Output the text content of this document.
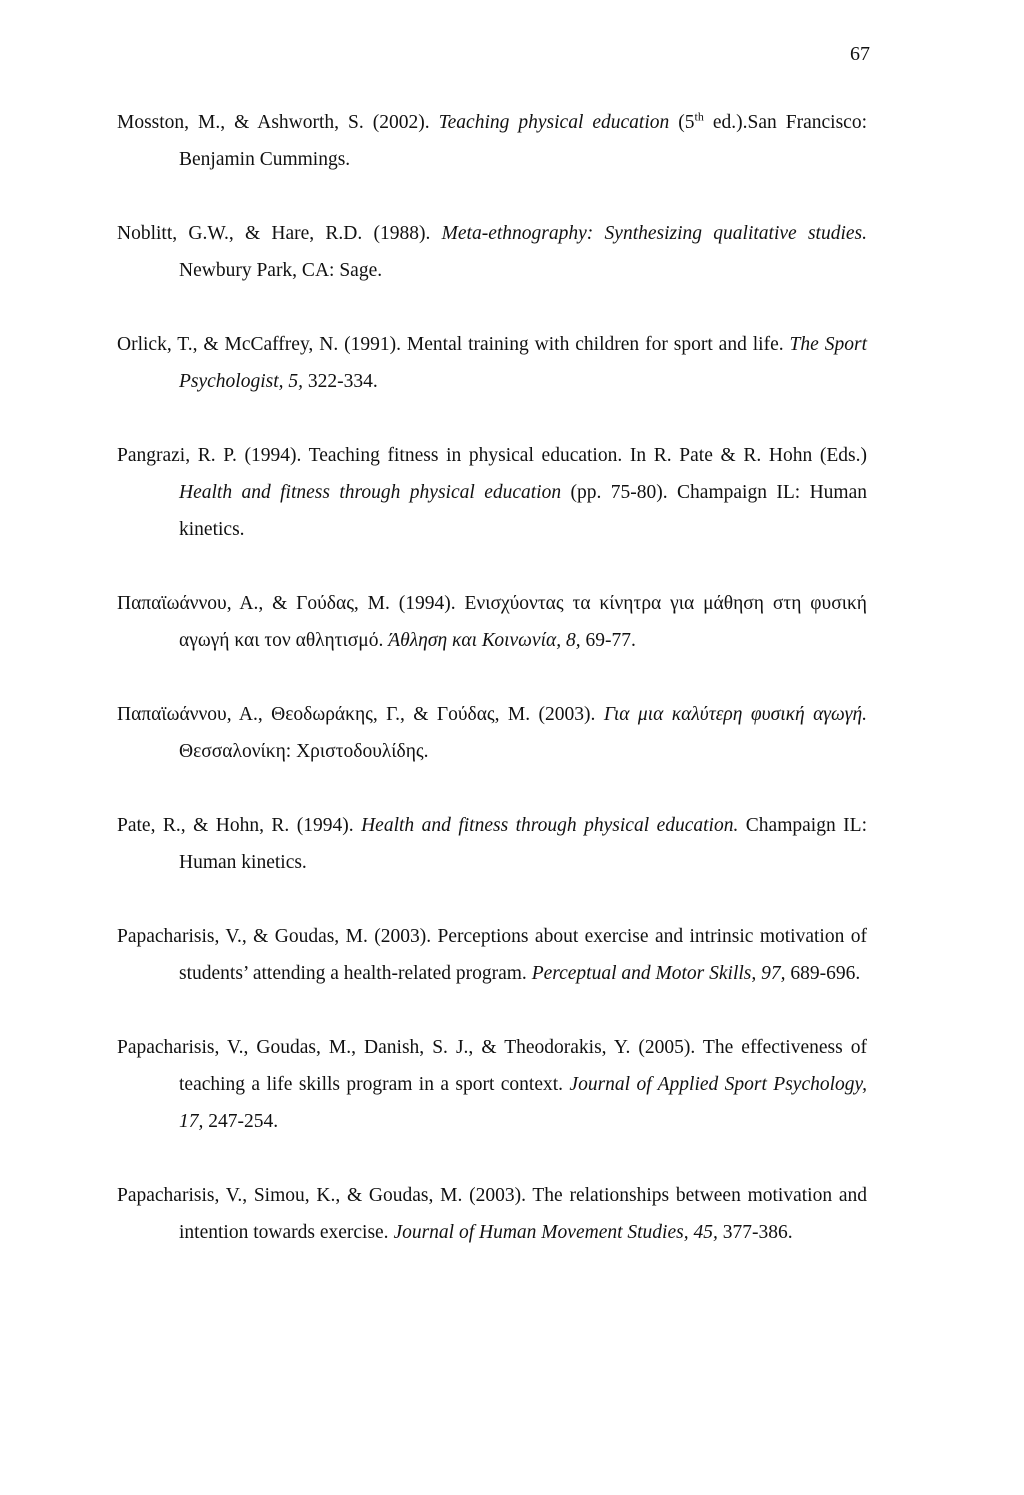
67

Mosston, M., & Ashworth, S. (2002). Teaching physical education (5th ed.).San Francisco: Benjamin Cummings.

Noblitt, G.W., & Hare, R.D. (1988). Meta-ethnography: Synthesizing qualitative studies. Newbury Park, CA: Sage.

Orlick, T., & McCaffrey, N. (1991). Mental training with children for sport and life. The Sport Psychologist, 5, 322-334.

Pangrazi, R. P. (1994). Teaching fitness in physical education. In R. Pate & R. Hohn (Eds.) Health and fitness through physical education (pp. 75-80). Champaign IL: Human kinetics.

Παπαϊωάννου, Α., & Γούδας, Μ. (1994). Ενισχύοντας τα κίνητρα για μάθηση στη φυσική αγωγή και τον αθλητισμό. Άθληση και Κοινωνία, 8, 69-77.

Παπαϊωάννου, Α., Θεοδωράκης, Γ., & Γούδας, Μ. (2003). Για μια καλύτερη φυσική αγωγή. Θεσσαλονίκη: Χριστοδουλίδης.

Pate, R., & Hohn, R. (1994). Health and fitness through physical education. Champaign IL: Human kinetics.

Papacharisis, V., & Goudas, M. (2003). Perceptions about exercise and intrinsic motivation of students’ attending a health-related program. Perceptual and Motor Skills, 97, 689-696.

Papacharisis, V., Goudas, M., Danish, S. J., & Theodorakis, Y. (2005). The effectiveness of teaching a life skills program in a sport context. Journal of Applied Sport Psychology, 17, 247-254.

Papacharisis, V., Simou, K., & Goudas, M. (2003). The relationships between motivation and intention towards exercise. Journal of Human Movement Studies, 45, 377-386.
